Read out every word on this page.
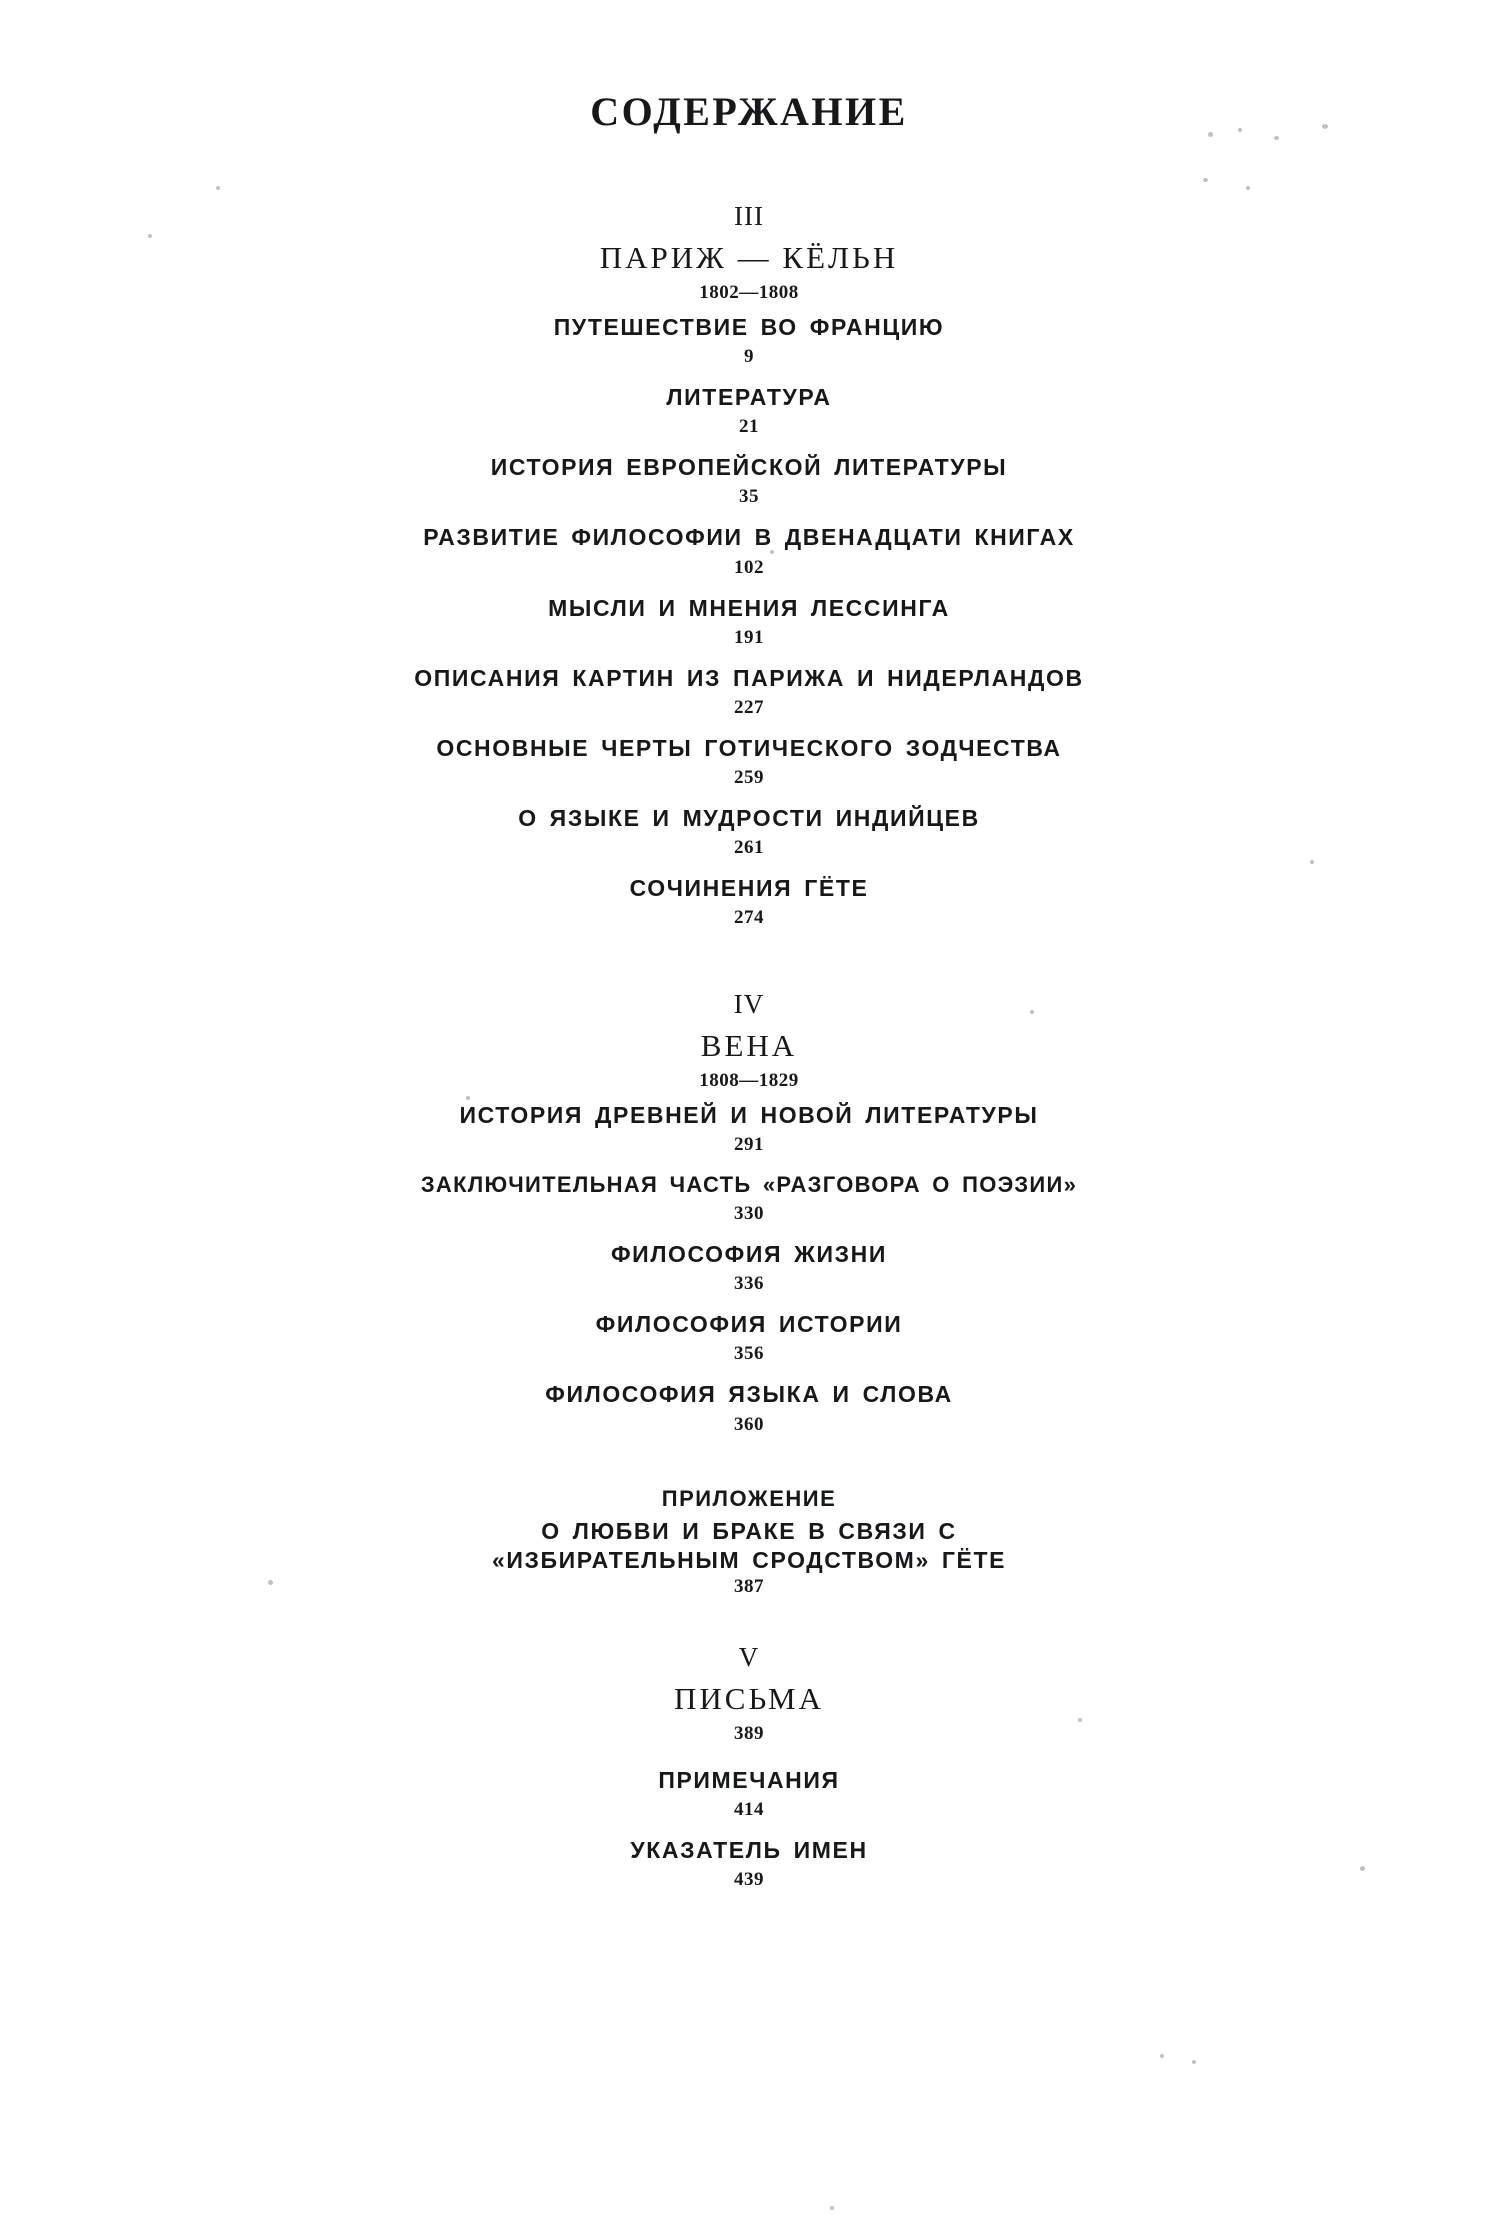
СОДЕРЖАНИЕ
III
ПАРИЖ — КЁЛЬН
1802—1808
ПУТЕШЕСТВИЕ ВО ФРАНЦИЮ
9
ЛИТЕРАТУРА
21
ИСТОРИЯ ЕВРОПЕЙСКОЙ ЛИТЕРАТУРЫ
35
РАЗВИТИЕ ФИЛОСОФИИ В ДВЕНАДЦАТИ КНИГАХ
102
МЫСЛИ И МНЕНИЯ ЛЕССИНГА
191
ОПИСАНИЯ КАРТИН ИЗ ПАРИЖА И НИДЕРЛАНДОВ
227
ОСНОВНЫЕ ЧЕРТЫ ГОТИЧЕСКОГО ЗОДЧЕСТВА
259
О ЯЗЫКЕ И МУДРОСТИ ИНДИЙЦЕВ
261
СОЧИНЕНИЯ ГЁТЕ
274
IV
ВЕНА
1808—1829
ИСТОРИЯ ДРЕВНЕЙ И НОВОЙ ЛИТЕРАТУРЫ
291
ЗАКЛЮЧИТЕЛЬНАЯ ЧАСТЬ «РАЗГОВОРА О ПОЭЗИИ»
330
ФИЛОСОФИЯ ЖИЗНИ
336
ФИЛОСОФИЯ ИСТОРИИ
356
ФИЛОСОФИЯ ЯЗЫКА И СЛОВА
360
ПРИЛОЖЕНИЕ
О ЛЮБВИ И БРАКЕ В СВЯЗИ С
«ИЗБИРАТЕЛЬНЫМ СРОДСТВОМ» ГЁТЕ
387
V
ПИСЬМА
389
ПРИМЕЧАНИЯ
414
УКАЗАТЕЛЬ ИМЕН
439
